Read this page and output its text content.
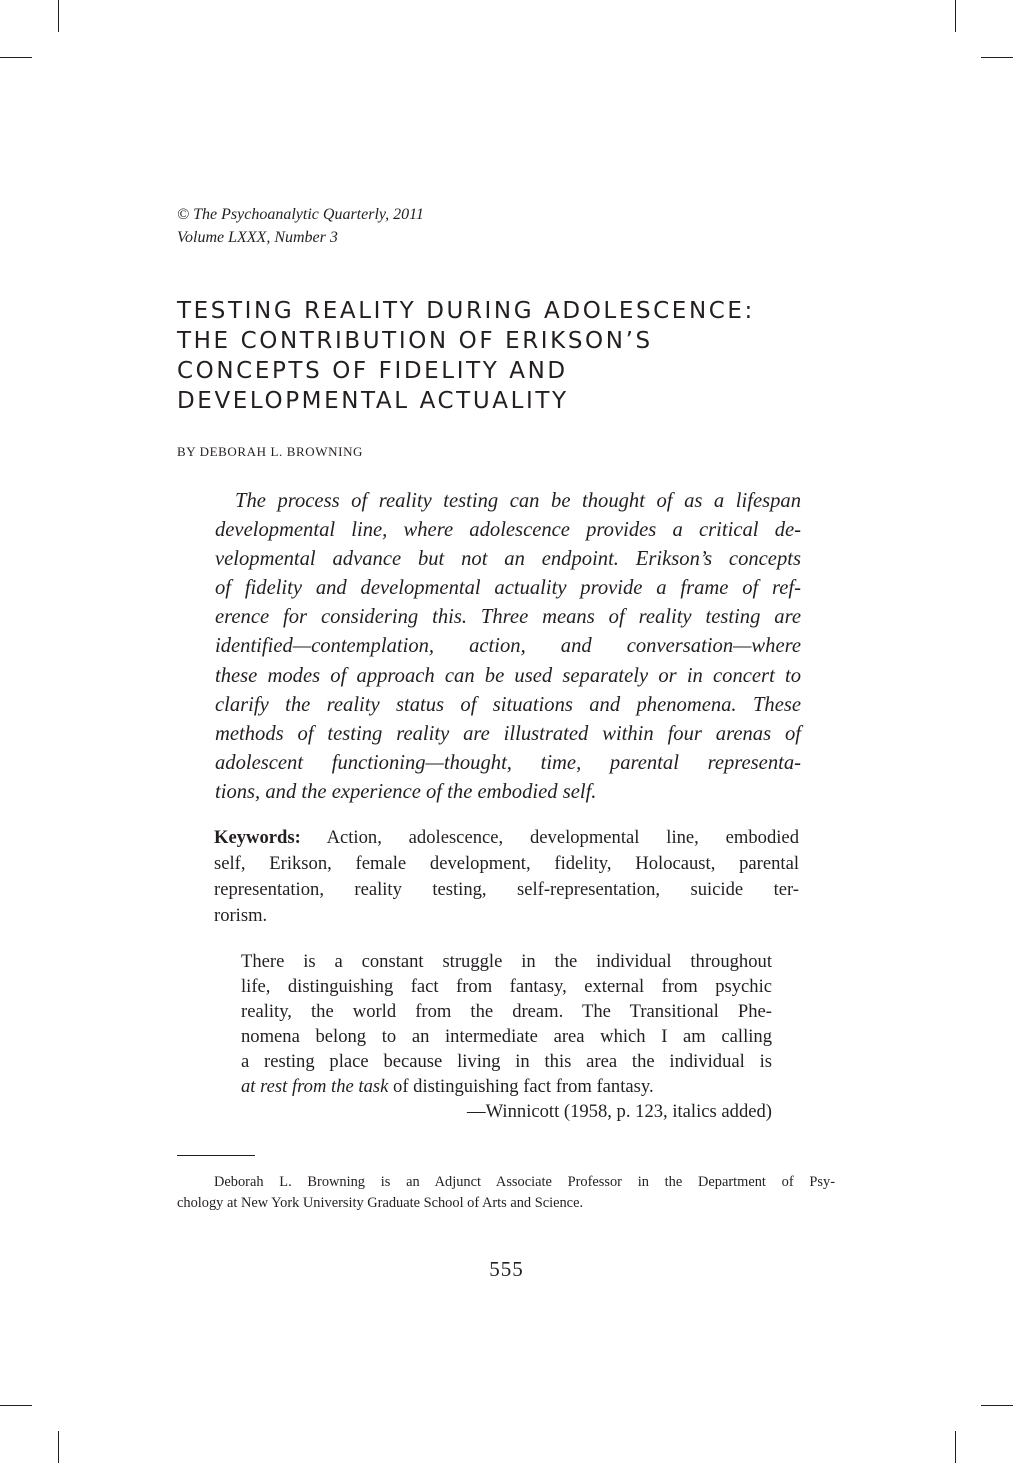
© The Psychoanalytic Quarterly, 2011
Volume LXXX, Number 3
TESTING REALITY DURING ADOLESCENCE:
THE CONTRIBUTION OF ERIKSON’S
CONCEPTS OF FIDELITY AND
DEVELOPMENTAL ACTUALITY
BY DEBORAH L. BROWNING
The process of reality testing can be thought of as a lifespan
developmental line, where adolescence provides a critical de-
velopmental advance but not an endpoint. Erikson’s concepts
of fidelity and developmental actuality provide a frame of ref-
erence for considering this. Three means of reality testing are
identified—contemplation, action, and conversation—where
these modes of approach can be used separately or in concert to
clarify the reality status of situations and phenomena. These
methods of testing reality are illustrated within four arenas of
adolescent functioning—thought, time, parental representa-
tions, and the experience of the embodied self.
Keywords: Action, adolescence, developmental line, embodied
self, Erikson, female development, fidelity, Holocaust, parental
representation, reality testing, self-representation, suicide ter-
rorism.
There is a constant struggle in the individual throughout
life, distinguishing fact from fantasy, external from psychic
reality, the world from the dream. The Transitional Phe-
nomena belong to an intermediate area which I am calling
a resting place because living in this area the individual is
at rest from the task of distinguishing fact from fantasy.
—Winnicott (1958, p. 123, italics added)
Deborah L. Browning is an Adjunct Associate Professor in the Department of Psy-
chology at New York University Graduate School of Arts and Science.
555
